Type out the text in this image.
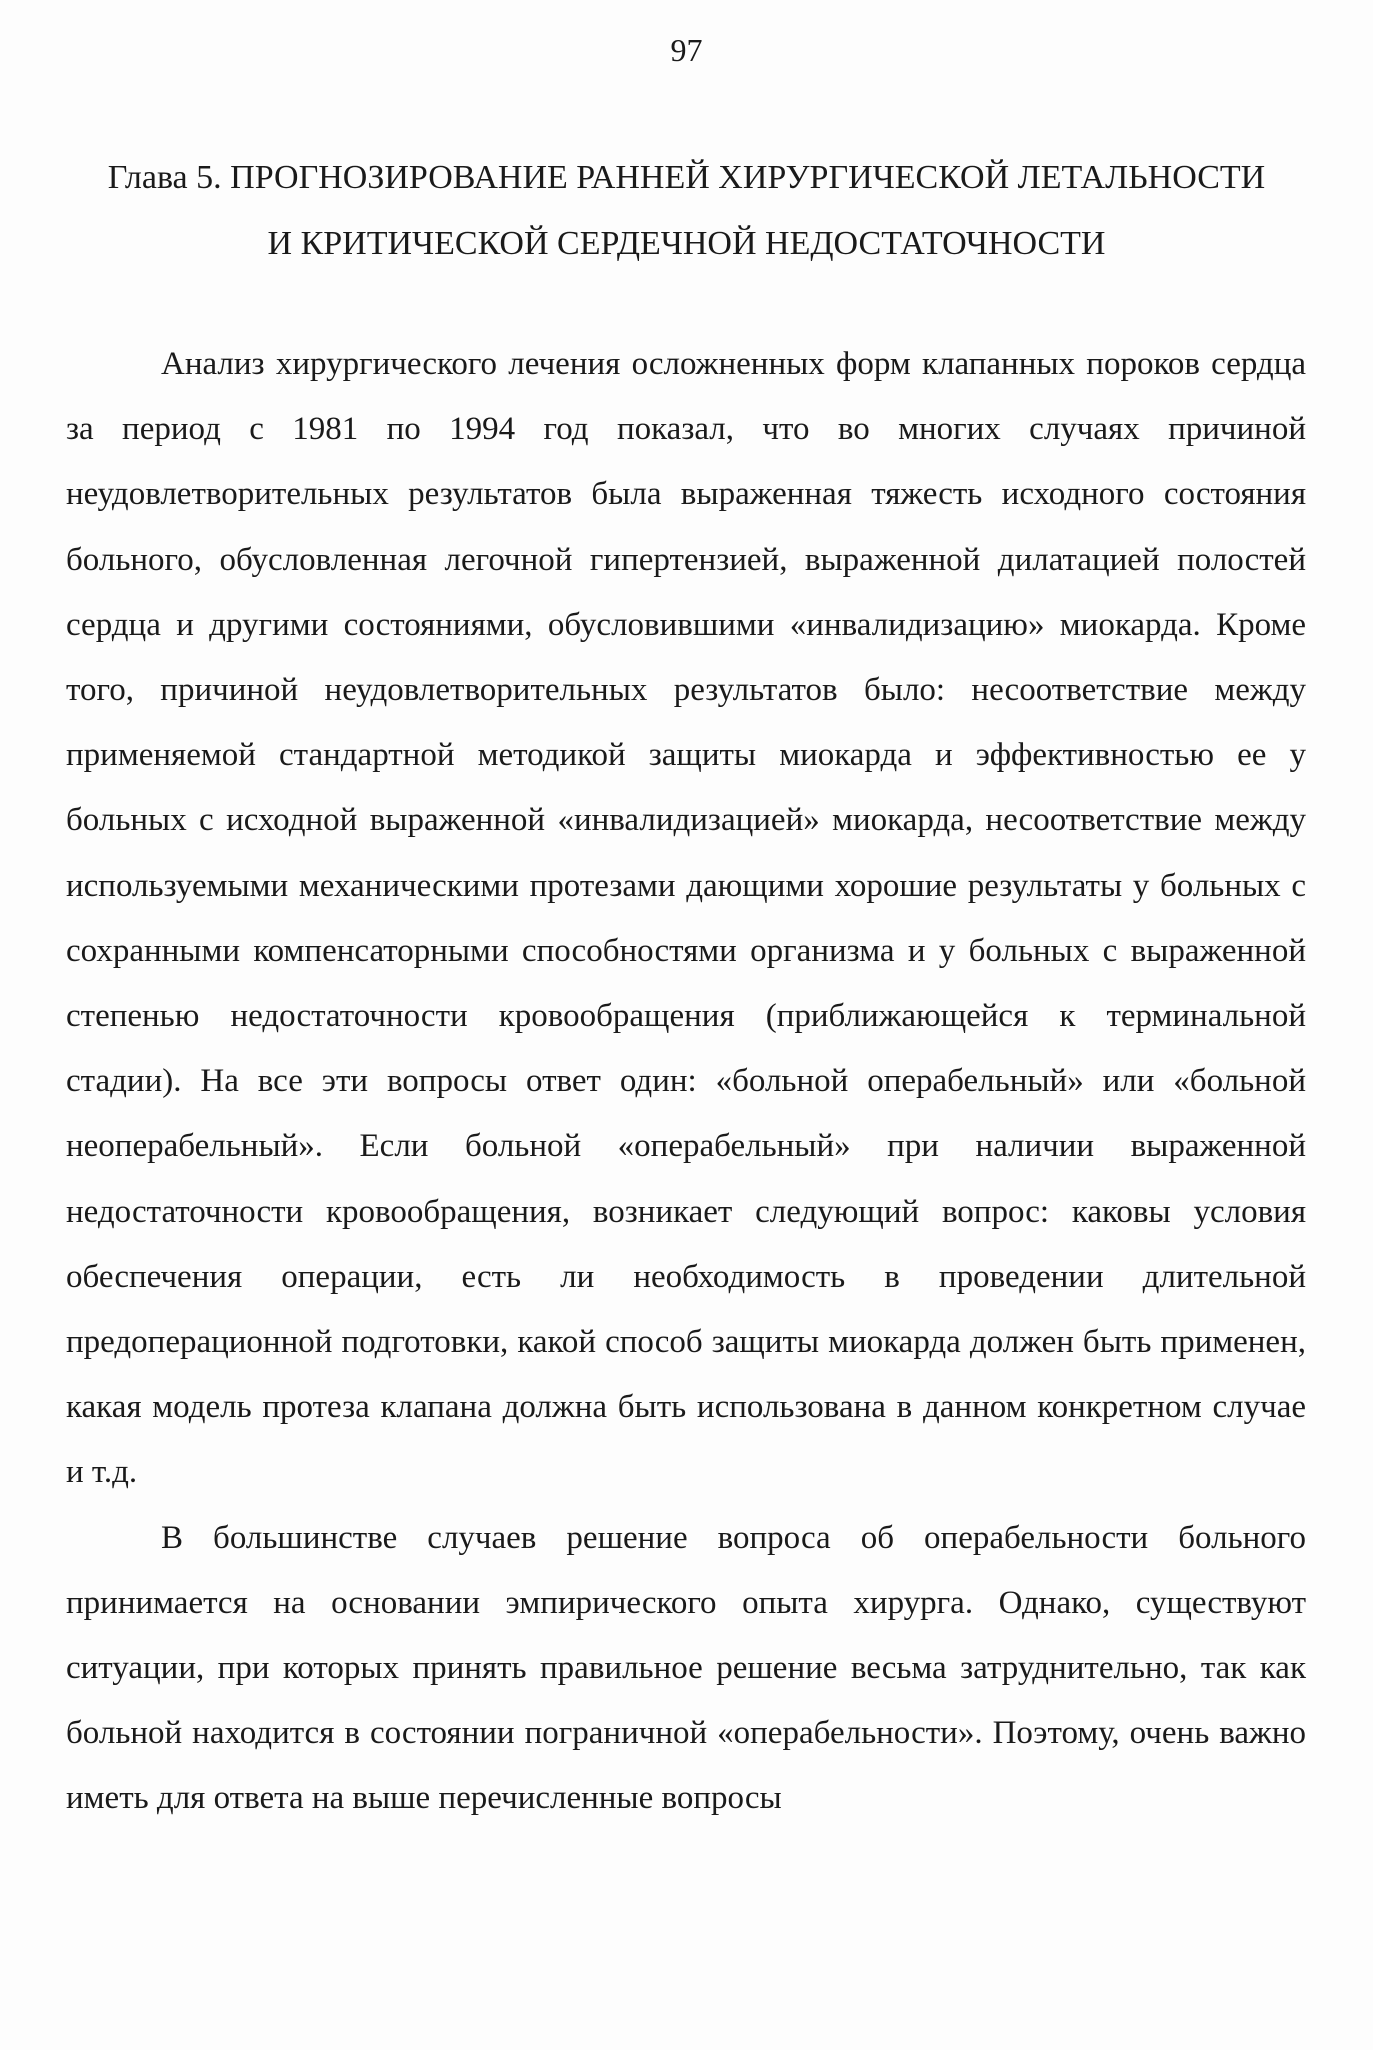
97
Глава 5. ПРОГНОЗИРОВАНИЕ РАННЕЙ ХИРУРГИЧЕСКОЙ ЛЕТАЛЬНОСТИ
И КРИТИЧЕСКОЙ СЕРДЕЧНОЙ НЕДОСТАТОЧНОСТИ

Анализ хирургического лечения осложненных форм клапанных пороков сердца за период с 1981 по 1994 год показал, что во многих случаях причиной неудовлетворительных результатов была выраженная тяжесть исходного состояния больного, обусловленная легочной гипертензией, выраженной дилатацией полостей сердца и другими состояниями, обусловившими «инвалидизацию» миокарда. Кроме того, причиной неудовлетворительных результатов было: несоответствие между применяемой стандартной методикой защиты миокарда и эффективностью ее у больных с исходной выраженной «инвалидизацией» миокарда, несоответствие между используемыми механическими протезами дающими хорошие результаты у больных с сохранными компенсаторными способностями организма и у больных с выраженной степенью недостаточности кровообращения (приближающейся к терминальной стадии). На все эти вопросы ответ один: «больной операбельный» или «больной неоперабельный». Если больной «операбельный» при наличии выраженной недостаточности кровообращения, возникает следующий вопрос: каковы условия обеспечения операции, есть ли необходимость в проведении длительной предоперационной подготовки, какой способ защиты миокарда должен быть применен, какая модель протеза клапана должна быть использована в данном конкретном случае и т.д.

В большинстве случаев решение вопроса об операбельности больного принимается на основании эмпирического опыта хирурга. Однако, существуют ситуации, при которых принять правильное решение весьма затруднительно, так как больной находится в состоянии пограничной «операбельности». Поэтому, очень важно иметь для ответа на выше перечисленные вопросы
